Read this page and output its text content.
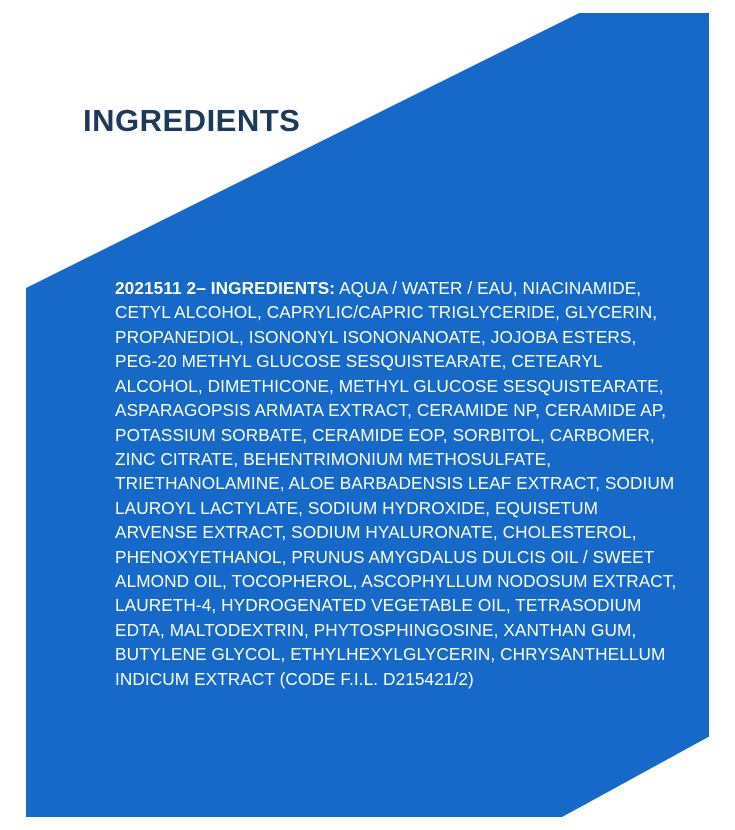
INGREDIENTS
2021511 2– INGREDIENTS: AQUA / WATER / EAU, NIACINAMIDE, CETYL ALCOHOL, CAPRYLIC/CAPRIC TRIGLYCERIDE, GLYCERIN, PROPANEDIOL, ISONONYL ISONONANOATE, JOJOBA ESTERS, PEG-20 METHYL GLUCOSE SESQUISTEARATE, CETEARYL ALCOHOL, DIMETHICONE, METHYL GLUCOSE SESQUISTEARATE, ASPARAGOPSIS ARMATA EXTRACT, CERAMIDE NP, CERAMIDE AP, POTASSIUM SORBATE, CERAMIDE EOP, SORBITOL, CARBOMER, ZINC CITRATE, BEHENTRIMONIUM METHOSULFATE, TRIETHANOLAMINE, ALOE BARBADENSIS LEAF EXTRACT, SODIUM LAUROYL LACTYLATE, SODIUM HYDROXIDE, EQUISETUM ARVENSE EXTRACT, SODIUM HYALURONATE, CHOLESTEROL, PHENOXYETHANOL, PRUNUS AMYGDALUS DULCIS OIL / SWEET ALMOND OIL, TOCOPHEROL, ASCOPHYLLUM NODOSUM EXTRACT, LAURETH-4, HYDROGENATED VEGETABLE OIL, TETRASODIUM EDTA, MALTODEXTRIN, PHYTOSPHINGOSINE, XANTHAN GUM, BUTYLENE GLYCOL, ETHYLHEXYLGLYCERIN, CHRYSANTHELLUM INDICUM EXTRACT (CODE F.I.L. D215421/2)
